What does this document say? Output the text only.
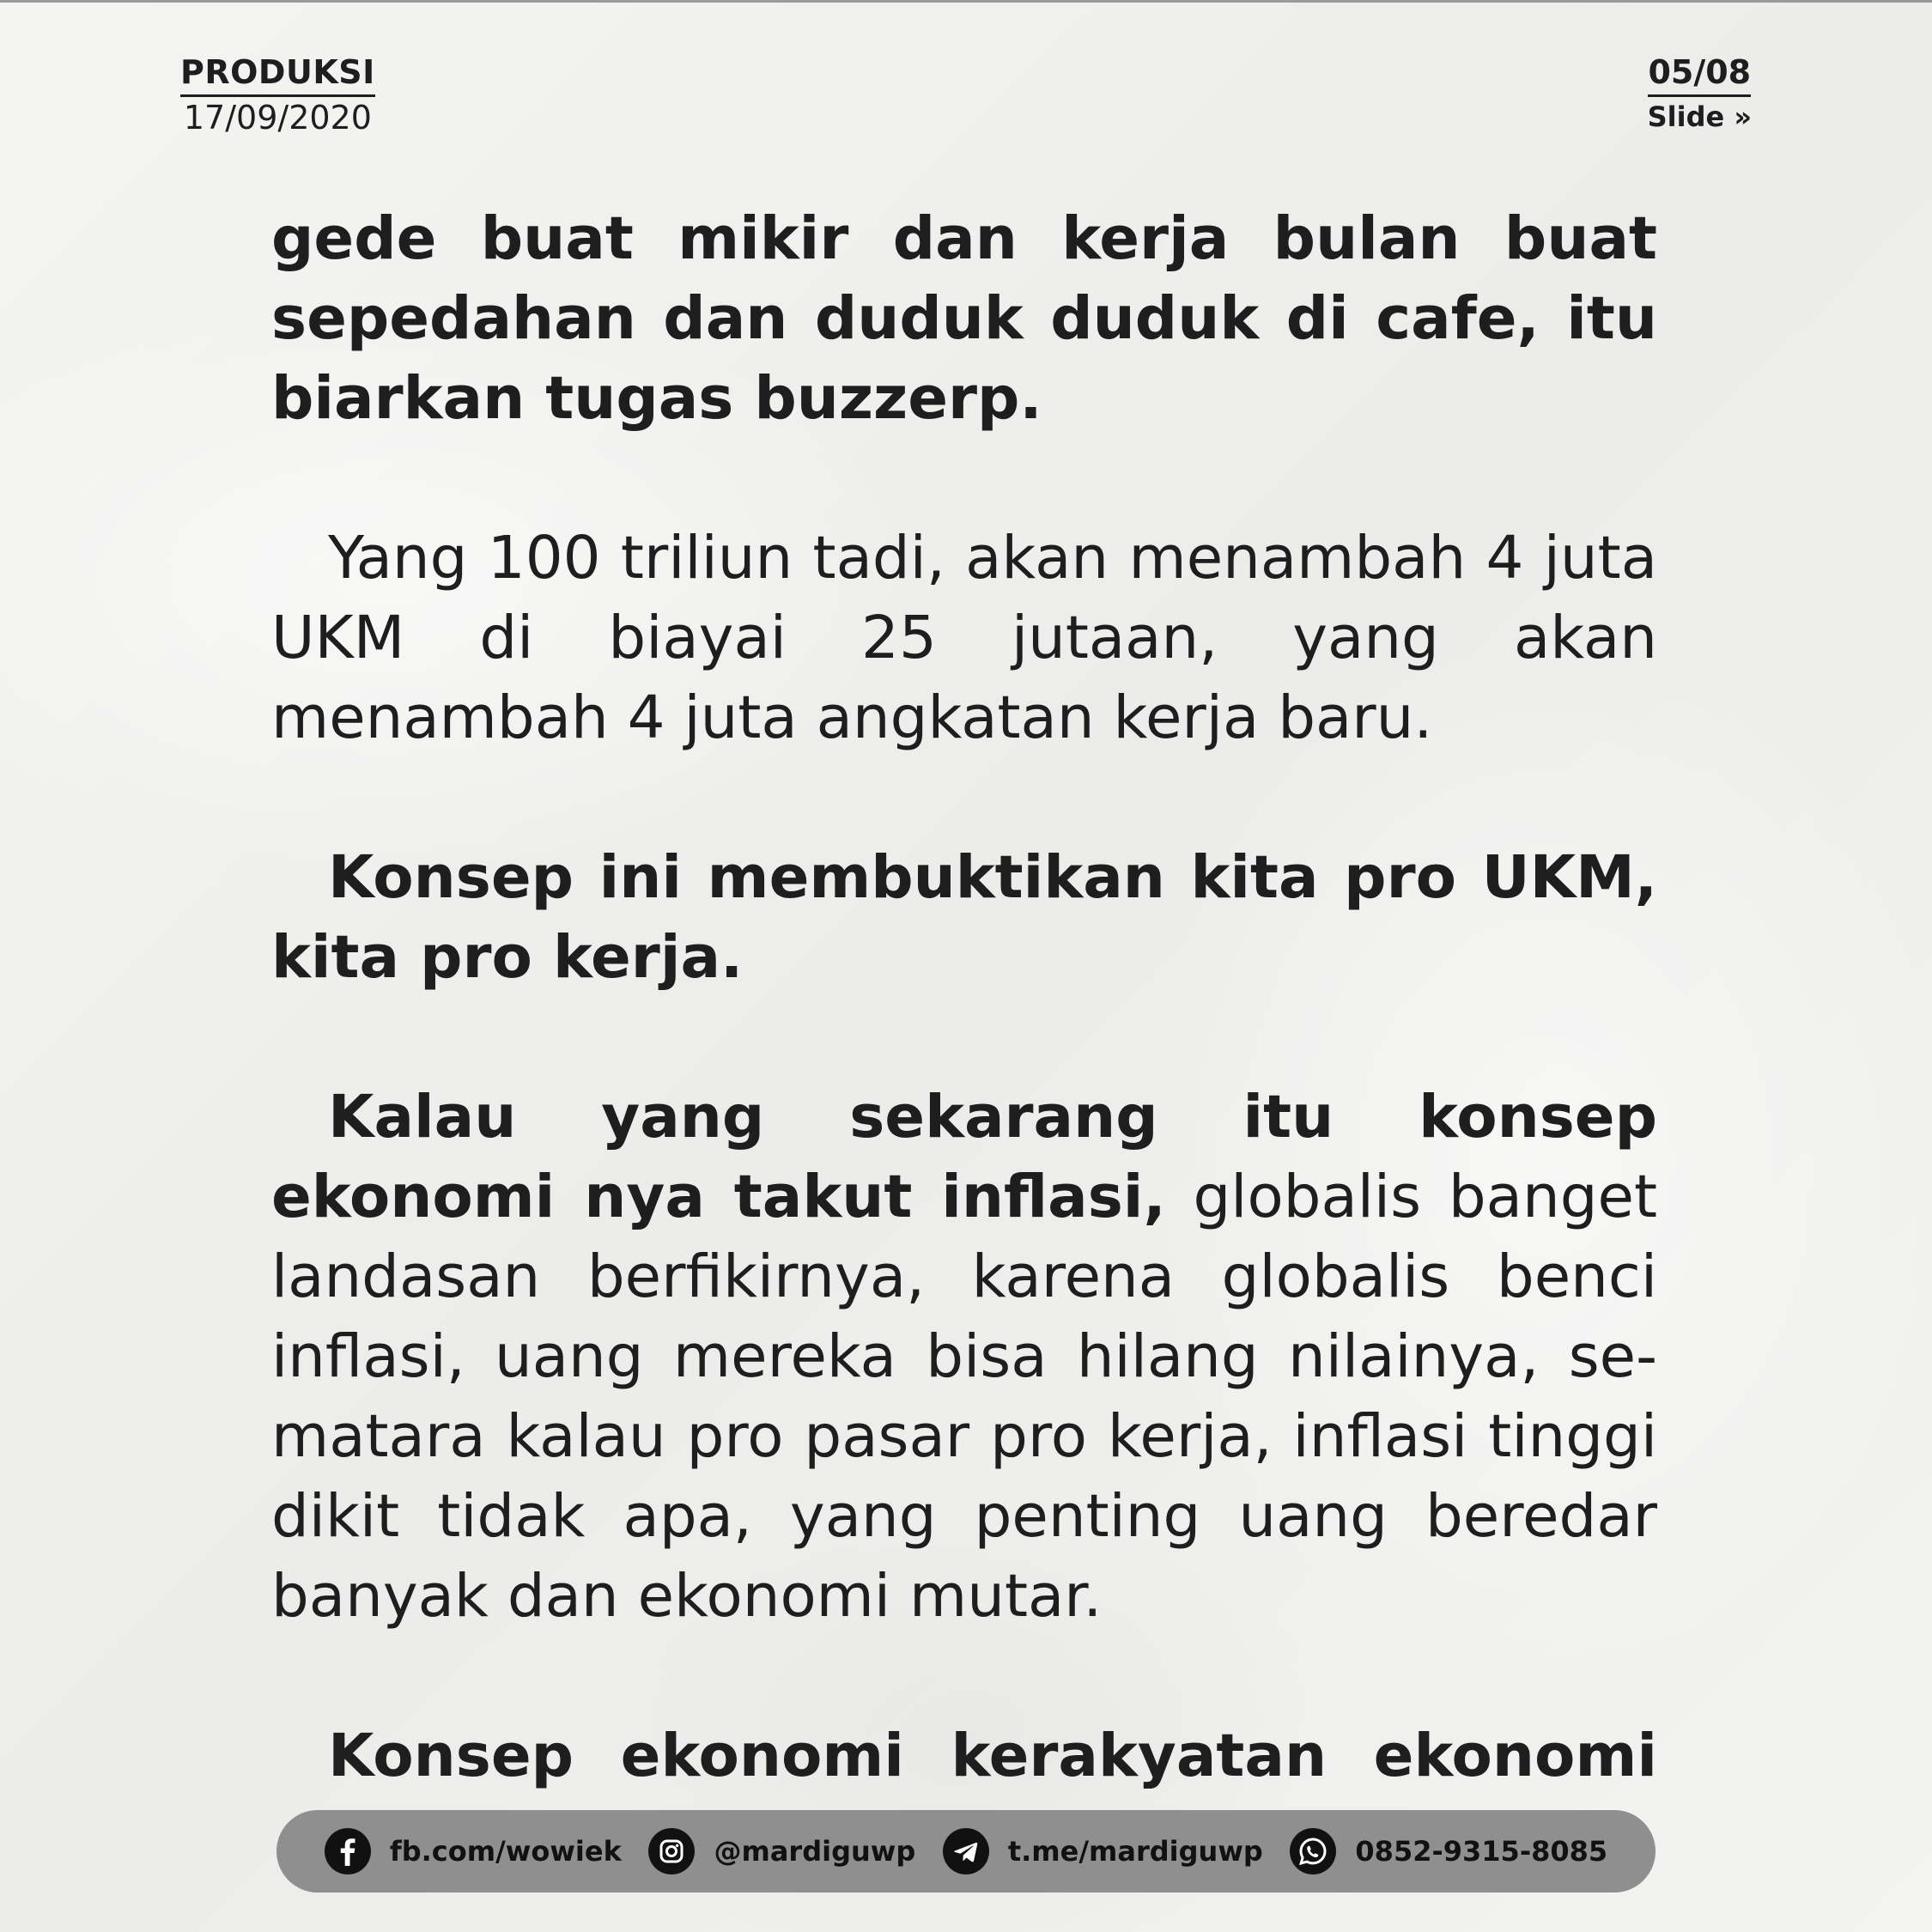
PRODUKSI
17/09/2020
05/08
Slide »

gede buat mikir dan kerja bulan buat sepedahan dan duduk duduk di cafe, itu biarkan tugas buzzerp.

Yang 100 triliun tadi, akan menambah 4 juta UKM di biayai 25 jutaan, yang akan menambah 4 juta angkatan kerja baru.

Konsep ini membuktikan kita pro UKM, kita pro kerja.

Kalau yang sekarang itu konsep ekonomi nya takut inflasi, globalis banget landasan berfikirnya, karena globalis benci inflasi, uang mereka bisa hilang nilainya, se-matara kalau pro pasar pro kerja, inflasi tinggi dikit tidak apa, yang penting uang beredar banyak dan ekonomi mutar.

Konsep ekonomi kerakyatan ekonomi

fb.com/wowiek	@mardiguwp	t.me/mardiguwp	0852-9315-8085
